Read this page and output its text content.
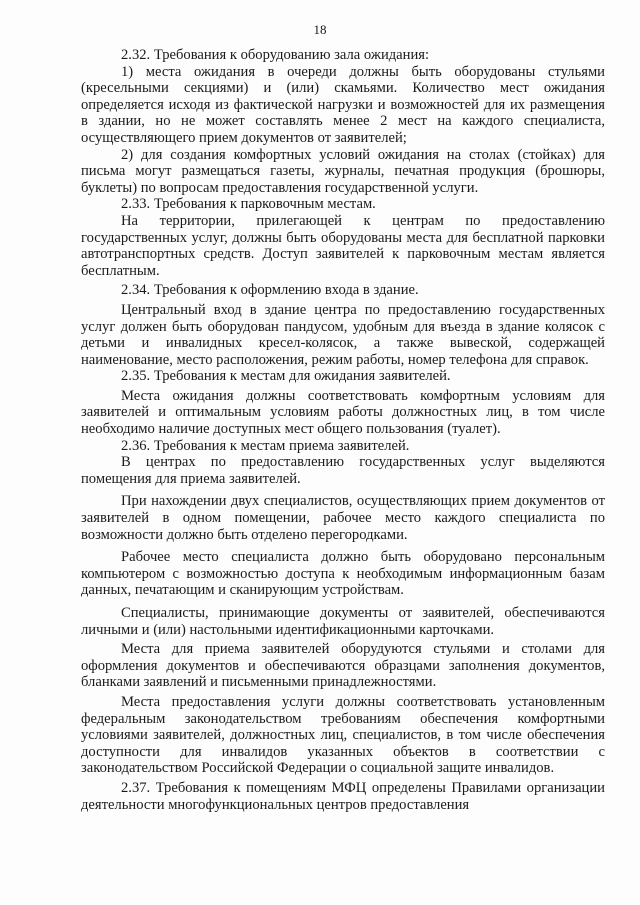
18

2.32. Требования к оборудованию зала ожидания:

1) места ожидания в очереди должны быть оборудованы стульями (кресельными секциями) и (или) скамьями. Количество мест ожидания определяется исходя из фактической нагрузки и возможностей для их размещения в здании, но не может составлять менее 2 мест на каждого специалиста, осуществляющего прием документов от заявителей;

2) для создания комфортных условий ожидания на столах (стойках) для письма могут размещаться газеты, журналы, печатная продукция (брошюры, буклеты) по вопросам предоставления государственной услуги.

2.33. Требования к парковочным местам.

На территории, прилегающей к центрам по предоставлению государственных услуг, должны быть оборудованы места для бесплатной парковки автотранспортных средств. Доступ заявителей к парковочным местам является бесплатным.

2.34. Требования к оформлению входа в здание.

Центральный вход в здание центра по предоставлению государственных услуг должен быть оборудован пандусом, удобным для въезда в здание колясок с детьми и инвалидных кресел-колясок, а также вывеской, содержащей наименование, место расположения, режим работы, номер телефона для справок.

2.35. Требования к местам для ожидания заявителей.

Места ожидания должны соответствовать комфортным условиям для заявителей и оптимальным условиям работы должностных лиц, в том числе необходимо наличие доступных мест общего пользования (туалет).

2.36. Требования к местам приема заявителей.

В центрах по предоставлению государственных услуг выделяются помещения для приема заявителей.

При нахождении двух специалистов, осуществляющих прием документов от заявителей в одном помещении, рабочее место каждого специалиста по возможности должно быть отделено перегородками.

Рабочее место специалиста должно быть оборудовано персональным компьютером с возможностью доступа к необходимым информационным базам данных, печатающим и сканирующим устройствам.

Специалисты, принимающие документы от заявителей, обеспечиваются личными и (или) настольными идентификационными карточками.

Места для приема заявителей оборудуются стульями и столами для оформления документов и обеспечиваются образцами заполнения документов, бланками заявлений и письменными принадлежностями.

Места предоставления услуги должны соответствовать установленным федеральным законодательством требованиям обеспечения комфортными условиями заявителей, должностных лиц, специалистов, в том числе обеспечения доступности для инвалидов указанных объектов в соответствии с законодательством Российской Федерации о социальной защите инвалидов.

2.37. Требования к помещениям МФЦ определены Правилами организации деятельности многофункциональных центров предоставления
